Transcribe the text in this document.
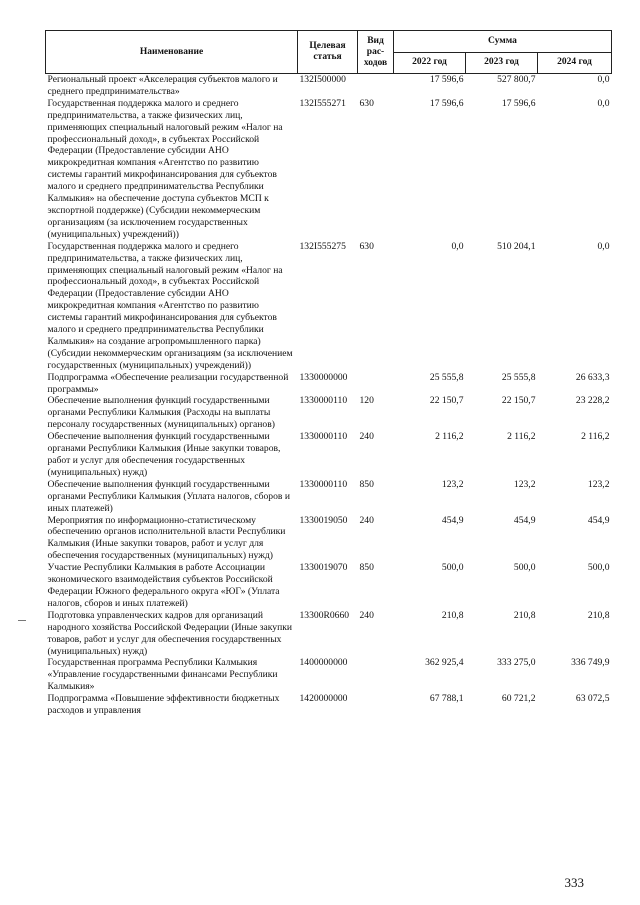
Наименование	Целевая статья	Вид рас-ходов	Сумма		
			2022 год	2023 год	2024 год
Региональный проект «Акселерация субъектов малого и среднего предпринимательства»	132I500000		17 596,6	527 800,7	0,0
Государственная поддержка малого и среднего предпринимательства, а также физических лиц, применяющих специальный налоговый режим «Налог на профессиональный доход», в субъектах Российской Федерации (Предоставление субсидии АНО микрокредитная компания «Агентство по развитию системы гарантий микрофинансирования для субъектов малого и среднего предпринимательства Республики Калмыкия» на обеспечение доступа субъектов МСП к экспортной поддержке) (Субсидии некоммерческим организациям (за исключением государственных (муниципальных) учреждений))	132I555271	630	17 596,6	17 596,6	0,0
Государственная поддержка малого и среднего предпринимательства, а также физических лиц, применяющих специальный налоговый режим «Налог на профессиональный доход», в субъектах Российской Федерации (Предоставление субсидии АНО микрокредитная компания «Агентство по развитию системы гарантий микрофинансирования для субъектов малого и среднего предпринимательства Республики Калмыкия» на создание агропромышленного парка) (Субсидии некоммерческим организациям (за исключением государственных (муниципальных) учреждений))	132I555275	630	0,0	510 204,1	0,0
Подпрограмма «Обеспечение реализации государственной программы»	1330000000		25 555,8	25 555,8	26 633,3
Обеспечение выполнения функций государственными органами Республики Калмыкия (Расходы на выплаты персоналу государственных (муниципальных) органов)	1330000110	120	22 150,7	22 150,7	23 228,2
Обеспечение выполнения функций государственными органами Республики Калмыкия (Иные закупки товаров, работ и услуг для обеспечения государственных (муниципальных) нужд)	1330000110	240	2 116,2	2 116,2	2 116,2
Обеспечение выполнения функций государственными органами Республики Калмыкия (Уплата налогов, сборов и иных платежей)	1330000110	850	123,2	123,2	123,2
Мероприятия по информационно-статистическому обеспечению органов исполнительной власти Республики Калмыкия (Иные закупки товаров, работ и услуг для обеспечения государственных (муниципальных) нужд)	1330019050	240	454,9	454,9	454,9
Участие Республики Калмыкия в работе Ассоциации экономического взаимодействия субъектов Российской Федерации Южного федерального округа «ЮГ» (Уплата налогов, сборов и иных платежей)	1330019070	850	500,0	500,0	500,0
Подготовка управленческих кадров для организаций народного хозяйства Российской Федерации (Иные закупки товаров, работ и услуг для обеспечения государственных (муниципальных) нужд)	13300R0660	240	210,8	210,8	210,8
Государственная программа Республики Калмыкия «Управление государственными финансами Республики Калмыкия»	1400000000		362 925,4	333 275,0	336 749,9
Подпрограмма «Повышение эффективности бюджетных расходов и управления	1420000000		67 788,1	60 721,2	63 072,5
333
